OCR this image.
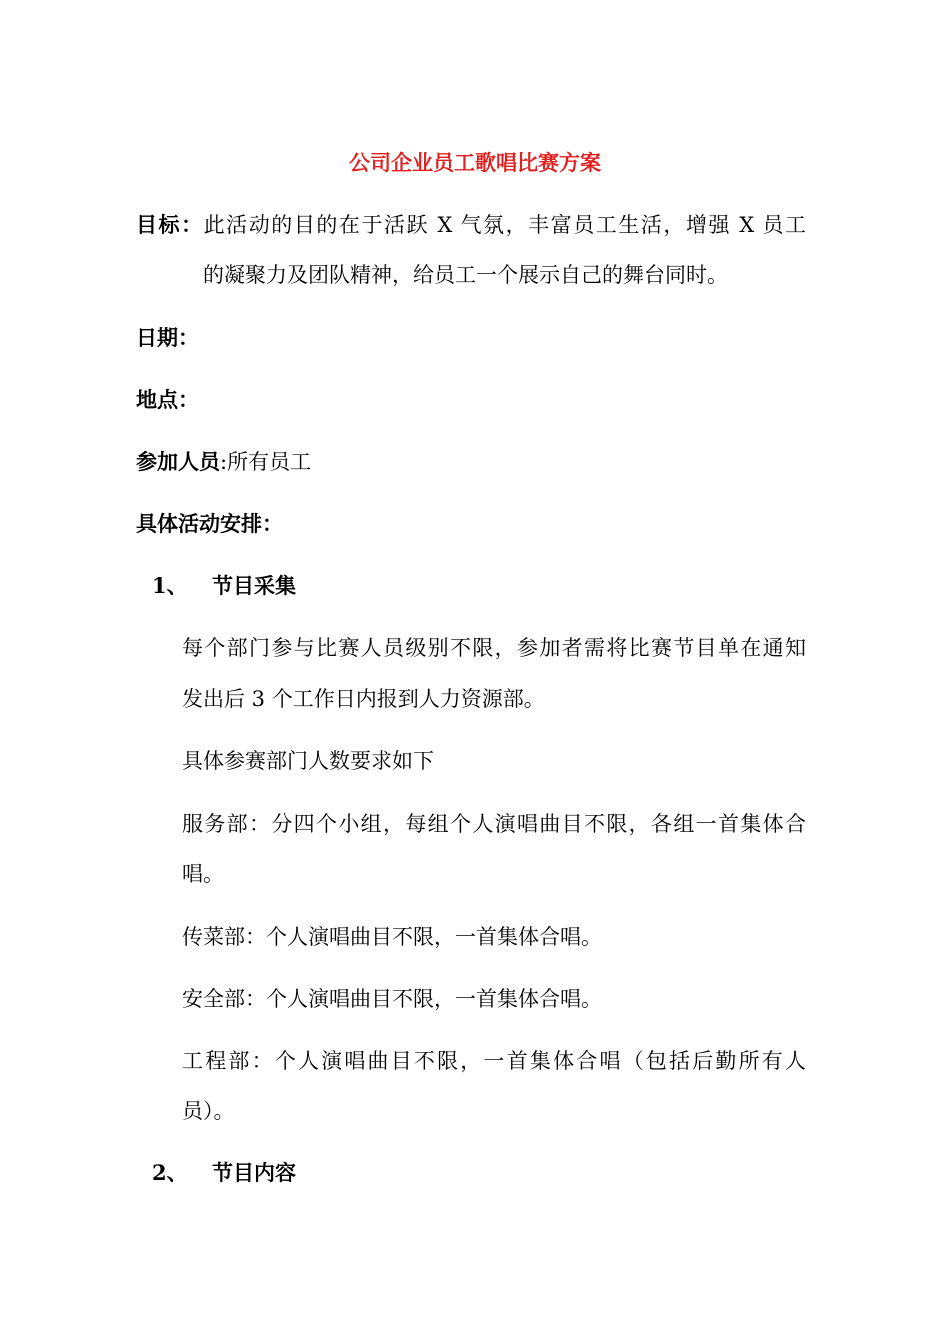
公司企业员工歌唱比赛方案
目标：此活动的目的在于活跃 X 气氛，丰富员工生活，增强 X 员工
的凝聚力及团队精神，给员工一个展示自己的舞台同时。
日期：
地点：
参加人员:所有员工
具体活动安排：
1、 节目采集
每个部门参与比赛人员级别不限，参加者需将比赛节目单在通知
发出后 3 个工作日内报到人力资源部。
具体参赛部门人数要求如下
服务部：分四个小组，每组个人演唱曲目不限，各组一首集体合
唱。
传菜部：个人演唱曲目不限，一首集体合唱。
安全部：个人演唱曲目不限，一首集体合唱。
工程部：个人演唱曲目不限，一首集体合唱（包括后勤所有人
员）。
2、 节目内容
